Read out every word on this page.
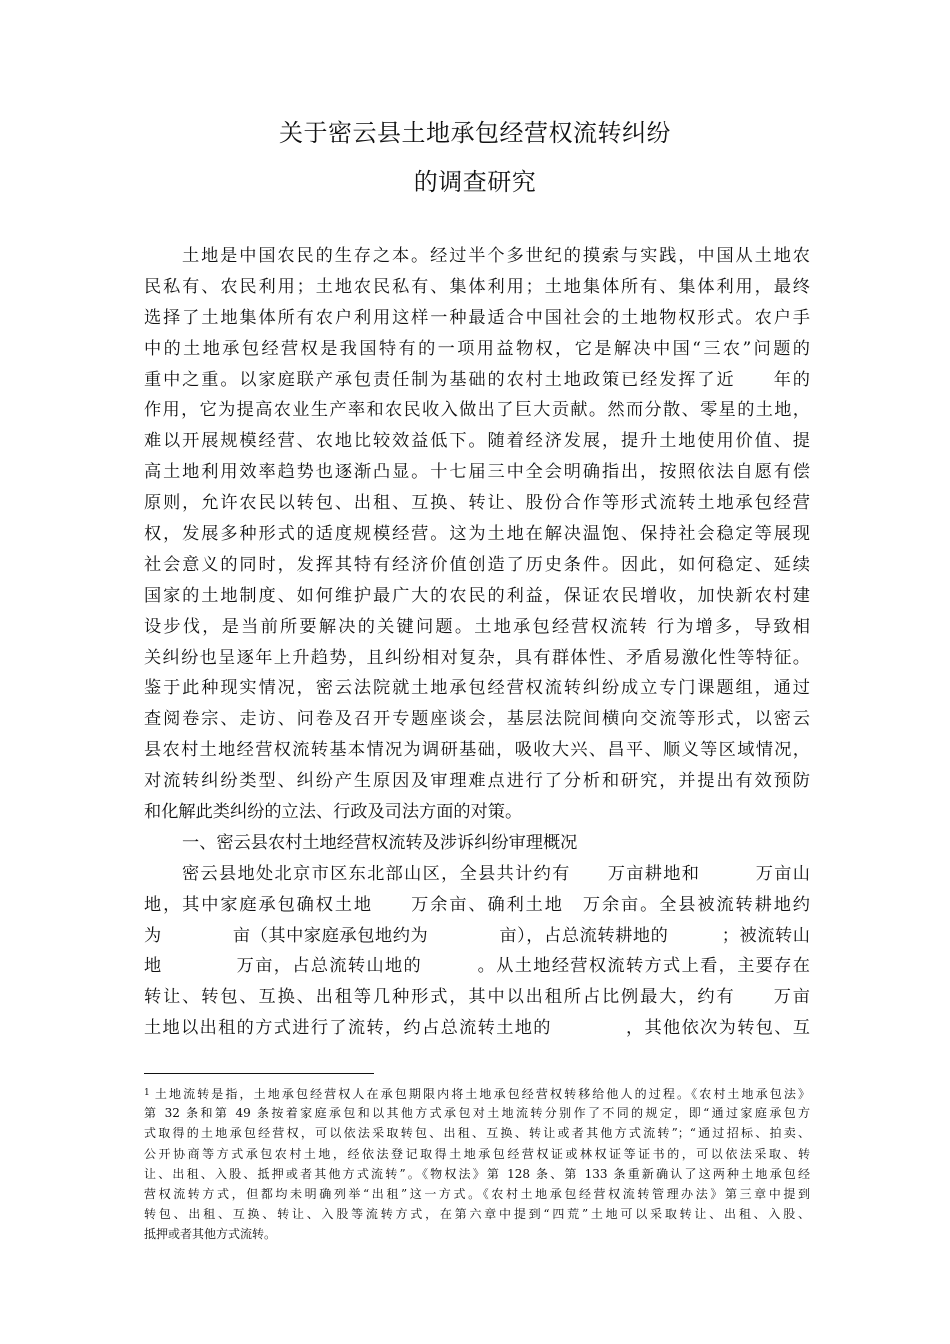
关于密云县土地承包经营权流转纠纷
的调查研究
土地是中国农民的生存之本。经过半个多世纪的摸索与实践，中国从土地农
民私有、农民利用；土地农民私有、集体利用；土地集体所有、集体利用，最终
选择了土地集体所有农户利用这样一种最适合中国社会的土地物权形式。农户手
中的土地承包经营权是我国特有的一项用益物权，它是解决中国“三农”问题的
重中之重。以家庭联产承包责任制为基础的农村土地政策已经发挥了近　　年的
作用，它为提高农业生产率和农民收入做出了巨大贡献。然而分散、零星的土地，
难以开展规模经营、农地比较效益低下。随着经济发展，提升土地使用价值、提
高土地利用效率趋势也逐渐凸显。十七届三中全会明确指出，按照依法自愿有偿
原则，允许农民以转包、出租、互换、转让、股份合作等形式流转土地承包经营
权，发展多种形式的适度规模经营。这为土地在解决温饱、保持社会稳定等展现
社会意义的同时，发挥其特有经济价值创造了历史条件。因此，如何稳定、延续
国家的土地制度、如何维护最广大的农民的利益，保证农民增收，加快新农村建
设步伐，是当前所要解决的关键问题。土地承包经营权流转 行为增多，导致相
关纠纷也呈逐年上升趋势，且纠纷相对复杂，具有群体性、矛盾易激化性等特征。
鉴于此种现实情况，密云法院就土地承包经营权流转纠纷成立专门课题组，通过
查阅卷宗、走访、问卷及召开专题座谈会，基层法院间横向交流等形式，以密云
县农村土地经营权流转基本情况为调研基础，吸收大兴、昌平、顺义等区域情况，
对流转纠纷类型、纠纷产生原因及审理难点进行了分析和研究，并提出有效预防
和化解此类纠纷的立法、行政及司法方面的对策。
一、密云县农村土地经营权流转及涉诉纠纷审理概况
密云县地处北京市区东北部山区，全县共计约有　　万亩耕地和　　　万亩山
地，其中家庭承包确权土地　　万余亩、确利土地　万余亩。全县被流转耕地约
为　　　　亩（其中家庭承包地约为　　　　亩），占总流转耕地的　　　；被流转山
地　　　　万亩，占总流转山地的　　　。从土地经营权流转方式上看，主要存在
转让、转包、互换、出租等几种形式，其中以出租所占比例最大，约有　　万亩
土地以出租的方式进行了流转，约占总流转土地的　　　　，其他依次为转包、互
$^1$ 土地流转是指，土地承包经营权人在承包期限内将土地承包经营权转移给他人的过程。《农村土地承包法》
第 32 条和第 49 条按着家庭承包和以其他方式承包对土地流转分别作了不同的规定，即“通过家庭承包方
式取得的土地承包经营权，可以依法采取转包、出租、互换、转让或者其他方式流转”；“通过招标、拍卖、
公开协商等方式承包农村土地，经依法登记取得土地承包经营权证或林权证等证书的，可以依法采取、转
让、出租、入股、抵押或者其他方式流转”。《物权法》第 128 条、第 133 条重新确认了这两种土地承包经
营权流转方式，但都均未明确列举“出租”这一方式。《农村土地承包经营权流转管理办法》第三章中提到
转包、出租、互换、转让、入股等流转方式，在第六章中提到“四荒”土地可以采取转让、出租、入股、
抵押或者其他方式流转。
